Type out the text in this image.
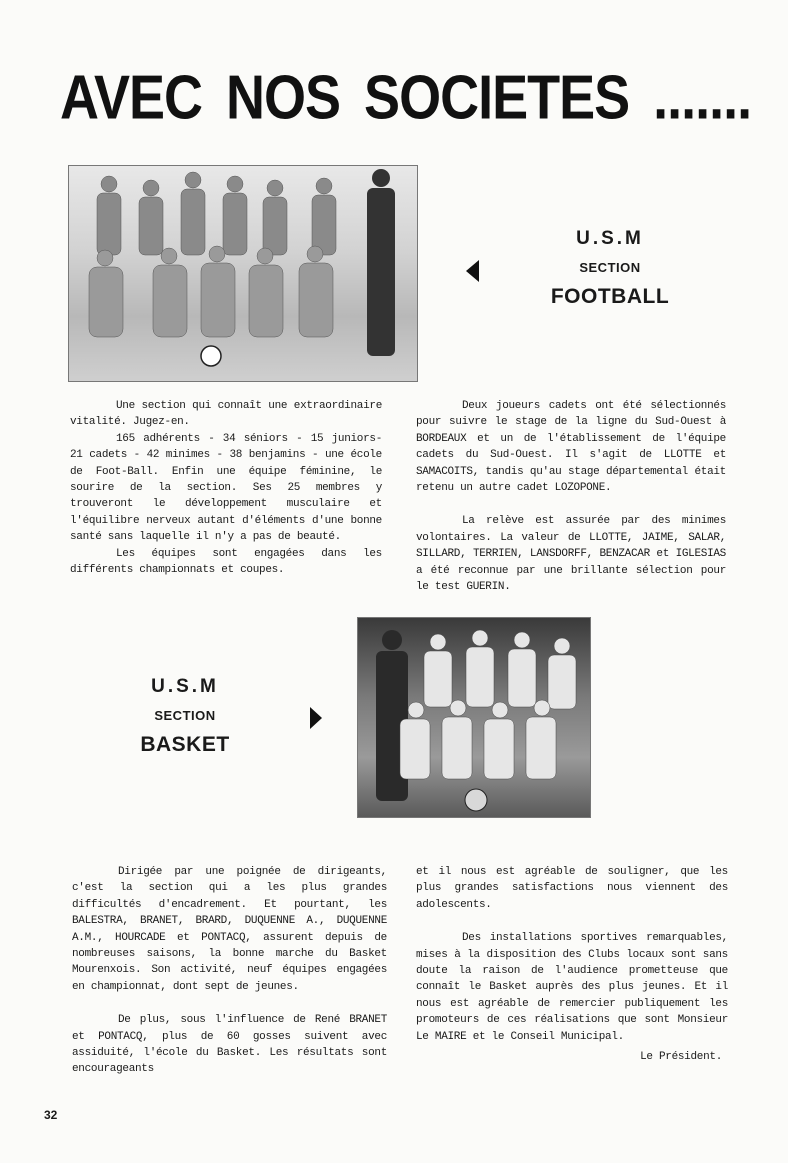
AVEC NOS SOCIETES .......
U.S.M
SECTION
FOOTBALL

Une section qui connaît une extraordinaire vitalité. Jugez-en.

165 adhérents - 34 séniors - 15 juniors- 21 cadets - 42 minimes - 38 benjamins - une école de Foot-Ball. Enfin une équipe féminine, le sourire de la section. Ses 25 membres y trouveront le développement musculaire et l'équilibre nerveux autant d'éléments d'une bonne santé sans laquelle il n'y a pas de beauté.

Les équipes sont engagées dans les différents championnats et coupes.

Deux joueurs cadets ont été sélectionnés pour suivre le stage de la ligne du Sud-Ouest à BORDEAUX et un de l'établissement de l'équipe cadets du Sud-Ouest. Il s'agit de LLOTTE et SAMACOITS, tandis qu'au stage départemental était retenu un autre cadet LOZOPONE.

La relève est assurée par des minimes volontaires. La valeur de LLOTTE, JAIME, SALAR, SILLARD, TERRIEN, LANSDORFF, BENZACAR et IGLESIAS a été reconnue par une brillante sélection pour le test GUERIN.

U.S.M
SECTION
BASKET

Dirigée par une poignée de dirigeants, c'est la section qui a les plus grandes difficultés d'encadrement. Et pourtant, les BALESTRA, BRANET, BRARD, DUQUENNE A., DUQUENNE A.M., HOURCADE et PONTACQ, assurent depuis de nombreuses saisons, la bonne marche du Basket Mourenxois. Son activité, neuf équipes engagées en championnat, dont sept de jeunes.

De plus, sous l'influence de René BRANET et PONTACQ, plus de 60 gosses suivent avec assiduité, l'école du Basket. Les résultats sont encourageants

et il nous est agréable de souligner, que les plus grandes satisfactions nous viennent des adolescents.

Des installations sportives remarquables, mises à la disposition des Clubs locaux sont sans doute la raison de l'audience prometteuse que connaît le Basket auprès des plus jeunes. Et il nous est agréable de remercier publiquement les promoteurs de ces réalisations que sont Monsieur Le MAIRE et le Conseil Municipal.

Le Président.

32
